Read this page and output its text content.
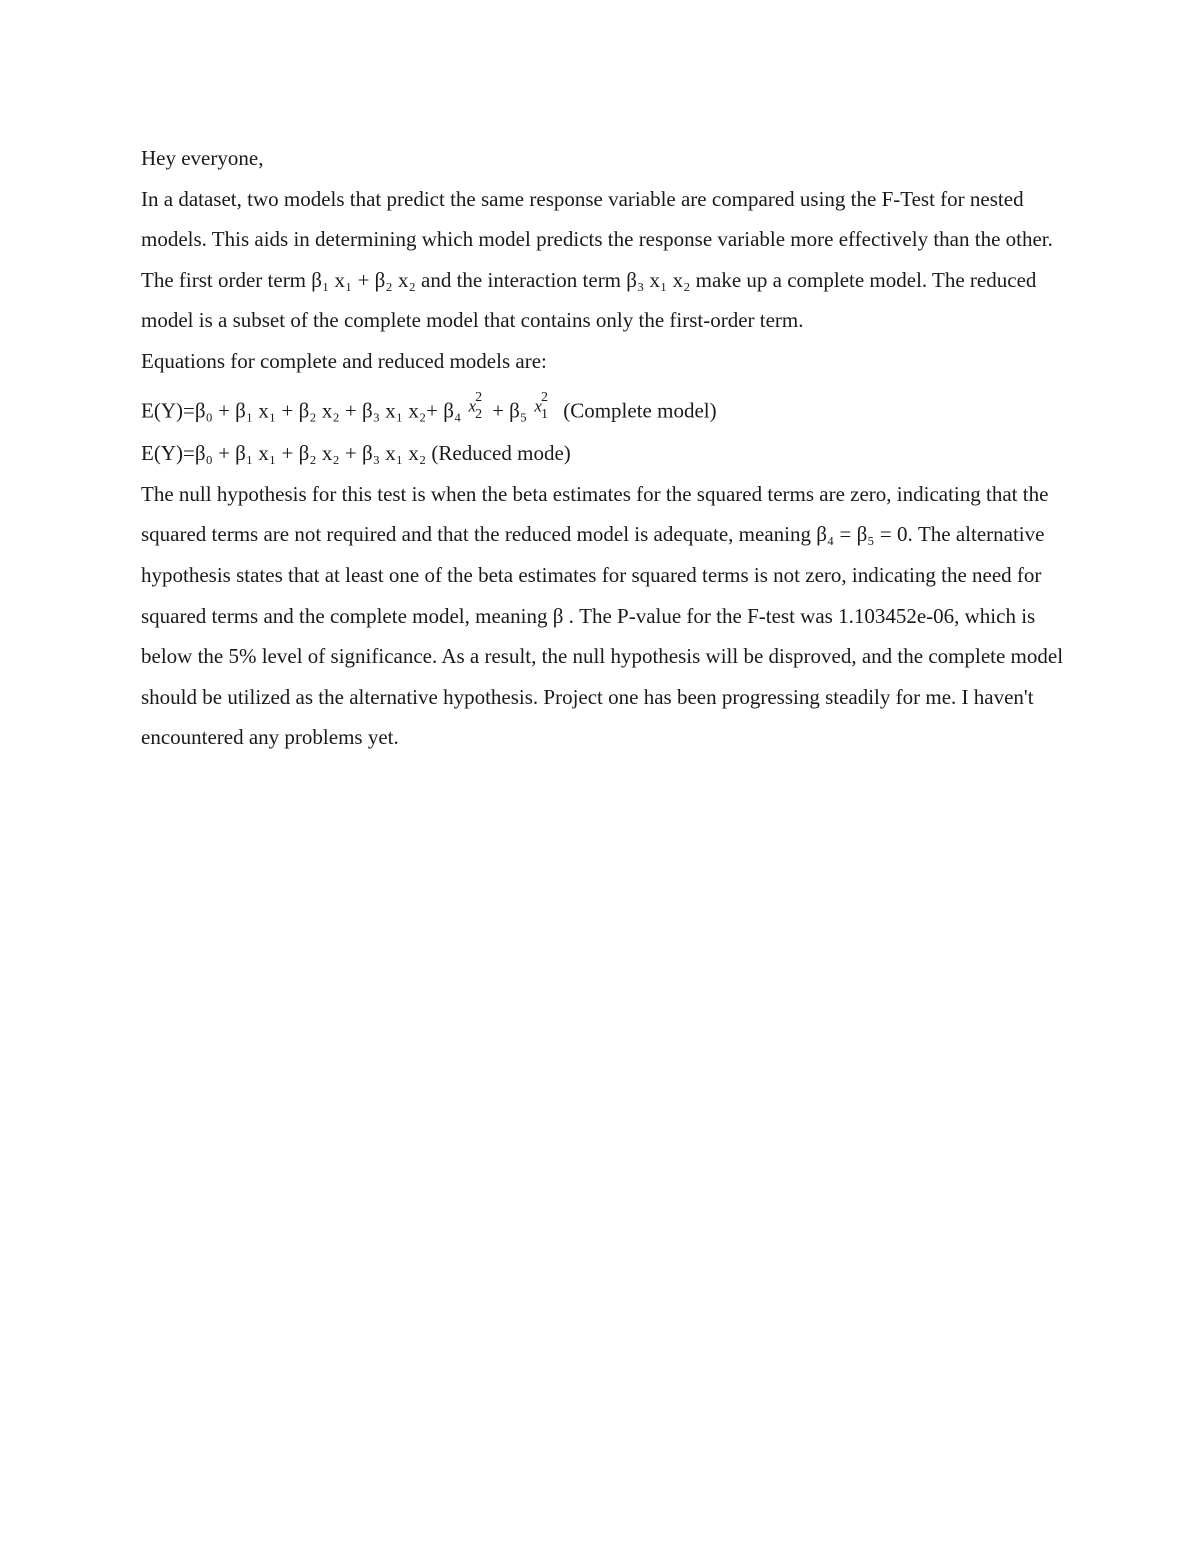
Hey everyone,

In a dataset, two models that predict the same response variable are compared using the F-Test for nested models. This aids in determining which model predicts the response variable more effectively than the other. The first order term β₁ x₁ + β₂ x₂ and the interaction term β₃ x₁ x₂ make up a complete model. The reduced model is a subset of the complete model that contains only the first-order term.

Equations for complete and reduced models are:

E(Y)=β₀ + β₁ x₁ + β₂ x₂ + β₃ x₁ x₂+ β₄ $x^2_2 + \beta_5$ $x^2_1$ (Complete model)

E(Y)=β₀ + β₁ x₁ + β₂ x₂ + β₃ x₁ x₂ (Reduced mode)

The null hypothesis for this test is when the beta estimates for the squared terms are zero, indicating that the squared terms are not required and that the reduced model is adequate, meaning β₄ = β₅ = 0. The alternative hypothesis states that at least one of the beta estimates for squared terms is not zero, indicating the need for squared terms and the complete model, meaning β . The P-value for the F-test was 1.103452e-06, which is below the 5% level of significance. As a result, the null hypothesis will be disproved, and the complete model should be utilized as the alternative hypothesis. Project one has been progressing steadily for me. I haven't encountered any problems yet.
